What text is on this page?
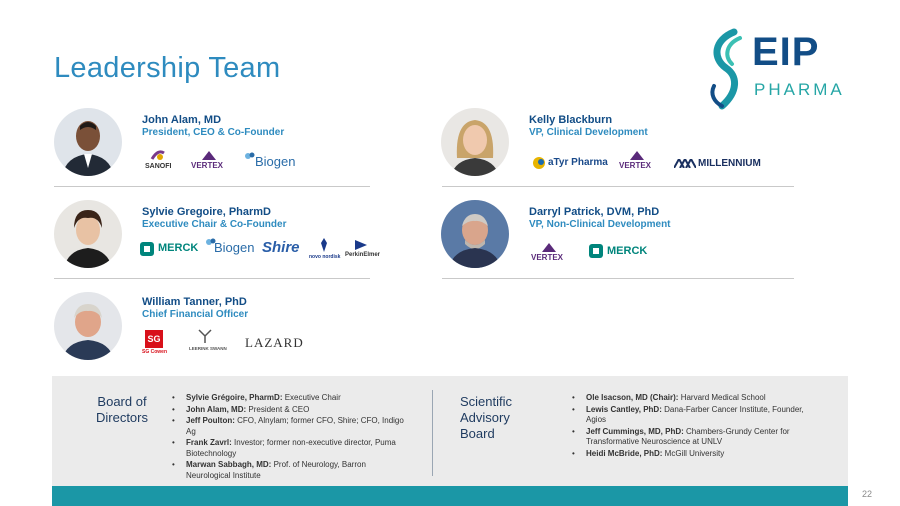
Leadership Team	EIP
PHARMA
John Alam, MD
President, CEO & Co-Founder
SANOFI VERTEX Biogen
Sylvie Gregoire, PharmD
Executive Chair & Co-Founder
MERCK Biogen Shire
novo nordisk PerkinElmer
William Tanner, PhD
Chief Financial Officer
SG
SG Cowen
LEERINK SWANN LAZARD
Kelly Blackburn
VP, Clinical Development
aTyr Pharma VERTEX	MILLENNIUM
Darryl Patrick, DVM, PhD
VP, Non-Clinical Development
VERTEX
MERCK
Board of Directors
• Sylvie Grégoire, PharmD: Executive Chair
• John Alam, MD: President & CEO
• Jeff Poulton: CFO, Alnylam; former CFO, Shire; CFO, Indigo Ag
• Frank Zavrl: Investor; former non-executive director, Puma Biotechnology
• Marwan Sabbagh, MD: Prof. of Neurology, Barron Neurological Institute
Scientific Advisory Board
• Ole Isacson, MD (Chair): Harvard Medical School
• Lewis Cantley, PhD: Dana-Farber Cancer Institute, Founder, Agios
• Jeff Cummings, MD, PhD: Chambers-Grundy Center for Transformative Neuroscience at UNLV
• Heidi McBride, PhD: McGill University
22
